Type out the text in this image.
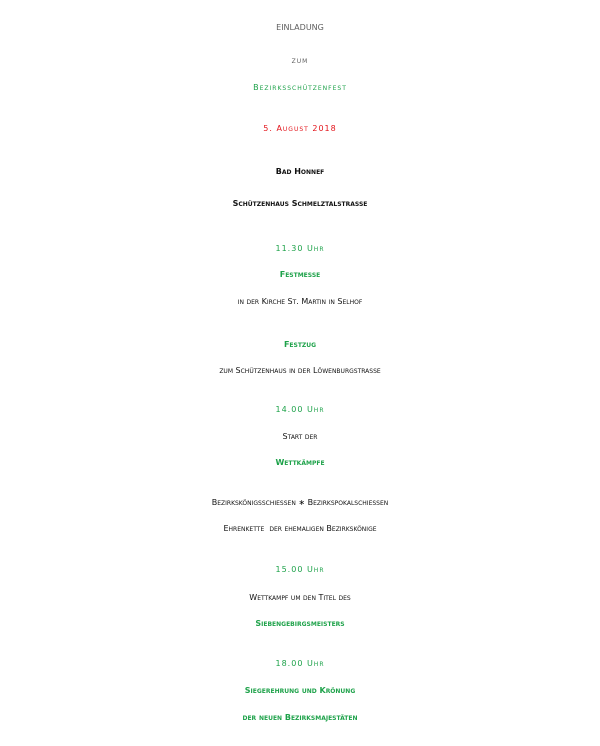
EINLADUNG
zum
Bezirksschützenfest
5. August 2018
Bad Honnef
Schützenhaus Schmelztalstrasse
11.30 Uhr
Festmesse
in der Kirche St. Martin in Selhof
Festzug
zum Schützenhaus in der Löwenburgstrasse
14.00 Uhr
Start der
Wettkämpfe
Bezirkskönigsschiessen ∗ Bezirkspokalschiessen
Ehrenkette  der ehemaligen Bezirkskönige
15.00 Uhr
Wettkampf um den Titel des
Siebengebirgsmeisters
18.00 Uhr
Siegerehrung und Krönung
der neuen Bezirksmajestäten
